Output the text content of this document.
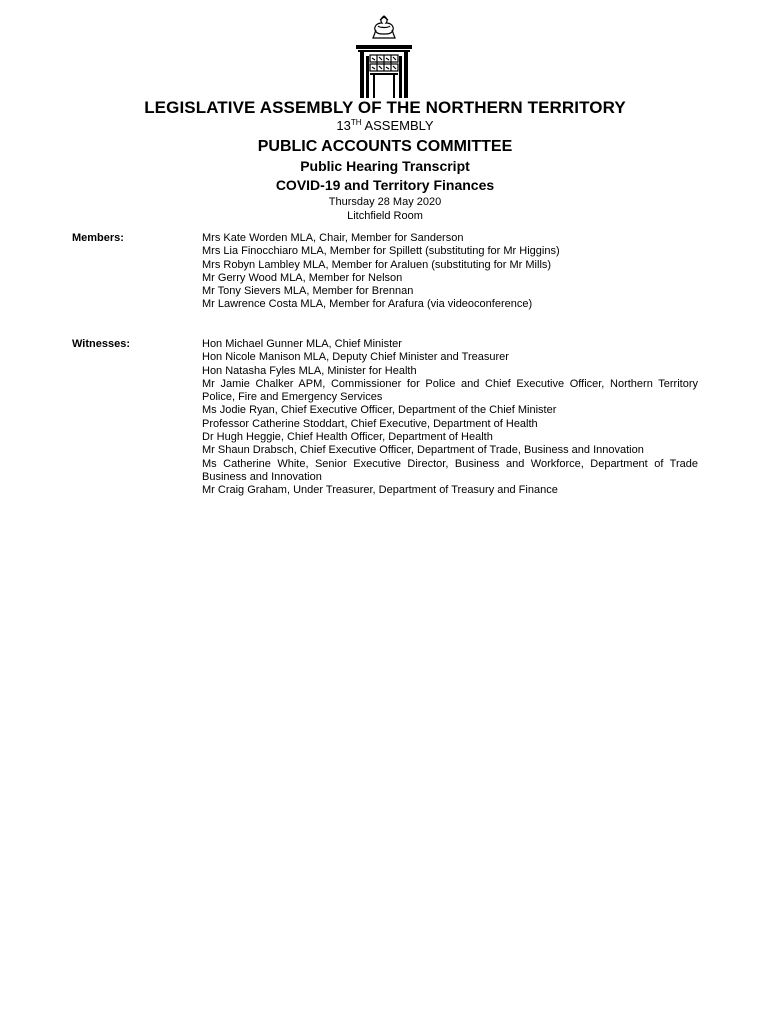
LEGISLATIVE ASSEMBLY OF THE NORTHERN TERRITORY
13TH ASSEMBLY
PUBLIC ACCOUNTS COMMITTEE
Public Hearing Transcript
COVID-19 and Territory Finances
Thursday 28 May 2020
Litchfield Room
Members:	Mrs Kate Worden MLA, Chair, Member for Sanderson
Mrs Lia Finocchiaro MLA, Member for Spillett (substituting for Mr Higgins)
Mrs Robyn Lambley MLA, Member for Araluen (substituting for Mr Mills)
Mr Gerry Wood MLA, Member for Nelson
Mr Tony Sievers MLA, Member for Brennan
Mr Lawrence Costa MLA, Member for Arafura (via videoconference)
Witnesses:	Hon Michael Gunner MLA, Chief Minister
Hon Nicole Manison MLA, Deputy Chief Minister and Treasurer
Hon Natasha Fyles MLA, Minister for Health
Mr Jamie Chalker APM, Commissioner for Police and Chief Executive Officer, Northern Territory Police, Fire and Emergency Services
Ms Jodie Ryan, Chief Executive Officer, Department of the Chief Minister
Professor Catherine Stoddart, Chief Executive, Department of Health
Dr Hugh Heggie, Chief Health Officer, Department of Health
Mr Shaun Drabsch, Chief Executive Officer, Department of Trade, Business and Innovation
Ms Catherine White, Senior Executive Director, Business and Workforce, Department of Trade Business and Innovation
Mr Craig Graham, Under Treasurer, Department of Treasury and Finance
